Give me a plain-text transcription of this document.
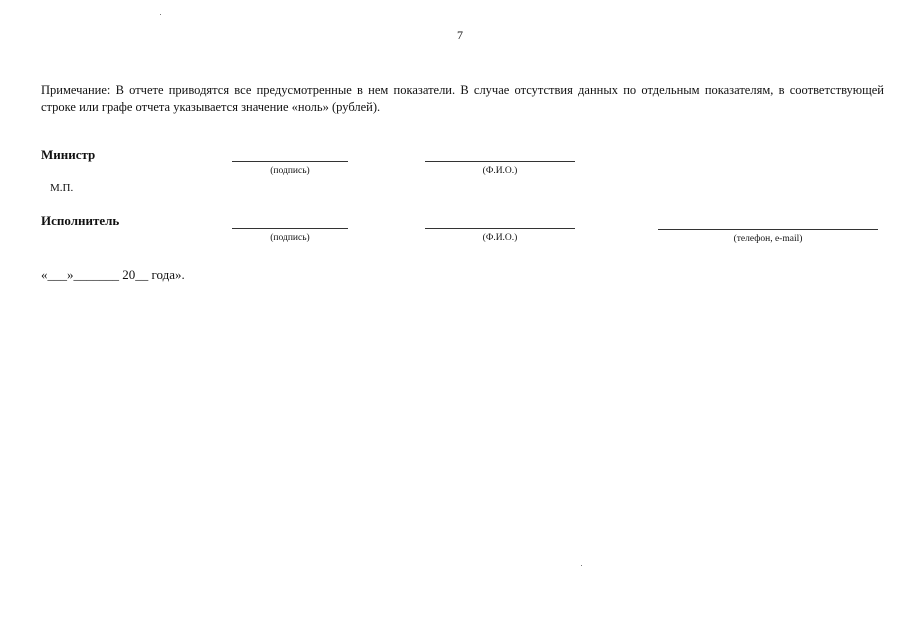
7
Примечание: В отчете приводятся все предусмотренные в нем показатели. В случае отсутствия данных по отдельным показателям, в соответствующей строке или графе отчета указывается значение «ноль» (рублей).
Министр
(подпись)	(Ф.И.О.)
М.П.
Исполнитель
(подпись)	(Ф.И.О.)	(телефон, e-mail)
«___»_______ 20__ года».
